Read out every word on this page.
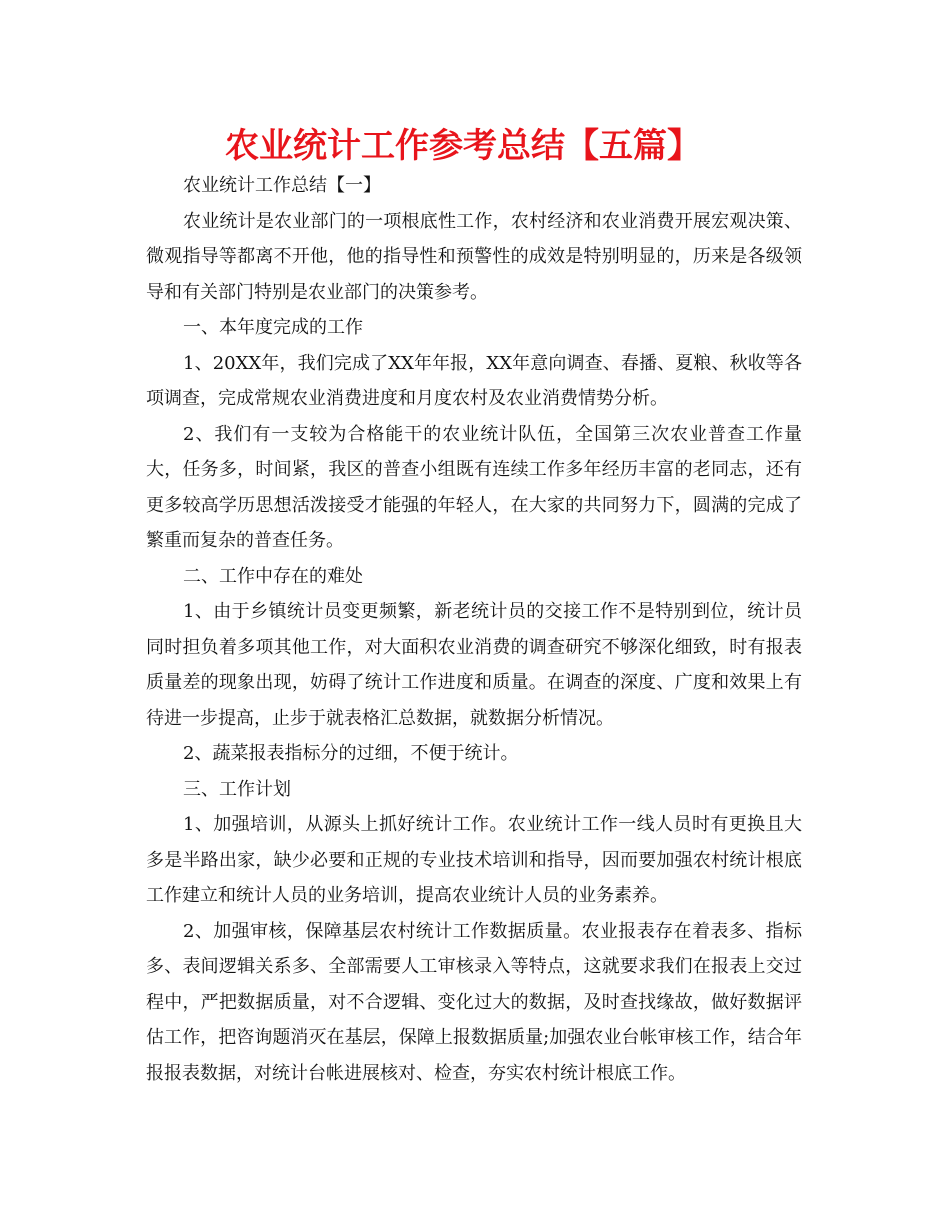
农业统计工作参考总结【五篇】

农业统计工作总结【一】

农业统计是农业部门的一项根底性工作，农村经济和农业消费开展宏观决策、微观指导等都离不开他，他的指导性和预警性的成效是特别明显的，历来是各级领导和有关部门特别是农业部门的决策参考。

一、本年度完成的工作

1、20XX年，我们完成了XX年年报，XX年意向调查、春播、夏粮、秋收等各项调查，完成常规农业消费进度和月度农村及农业消费情势分析。

2、我们有一支较为合格能干的农业统计队伍，全国第三次农业普查工作量大，任务多，时间紧，我区的普查小组既有连续工作多年经历丰富的老同志，还有更多较高学历思想活泼接受才能强的年轻人，在大家的共同努力下，圆满的完成了繁重而复杂的普查任务。

二、工作中存在的难处

1、由于乡镇统计员变更频繁，新老统计员的交接工作不是特别到位，统计员同时担负着多项其他工作，对大面积农业消费的调查研究不够深化细致，时有报表质量差的现象出现，妨碍了统计工作进度和质量。在调查的深度、广度和效果上有待进一步提高，止步于就表格汇总数据，就数据分析情况。

2、蔬菜报表指标分的过细，不便于统计。

三、工作计划

1、加强培训，从源头上抓好统计工作。农业统计工作一线人员时有更换且大多是半路出家，缺少必要和正规的专业技术培训和指导，因而要加强农村统计根底工作建立和统计人员的业务培训，提高农业统计人员的业务素养。

2、加强审核，保障基层农村统计工作数据质量。农业报表存在着表多、指标多、表间逻辑关系多、全部需要人工审核录入等特点，这就要求我们在报表上交过程中，严把数据质量，对不合逻辑、变化过大的数据，及时查找缘故，做好数据评估工作，把咨询题消灭在基层，保障上报数据质量;加强农业台帐审核工作，结合年报报表数据，对统计台帐进展核对、检查，夯实农村统计根底工作。
